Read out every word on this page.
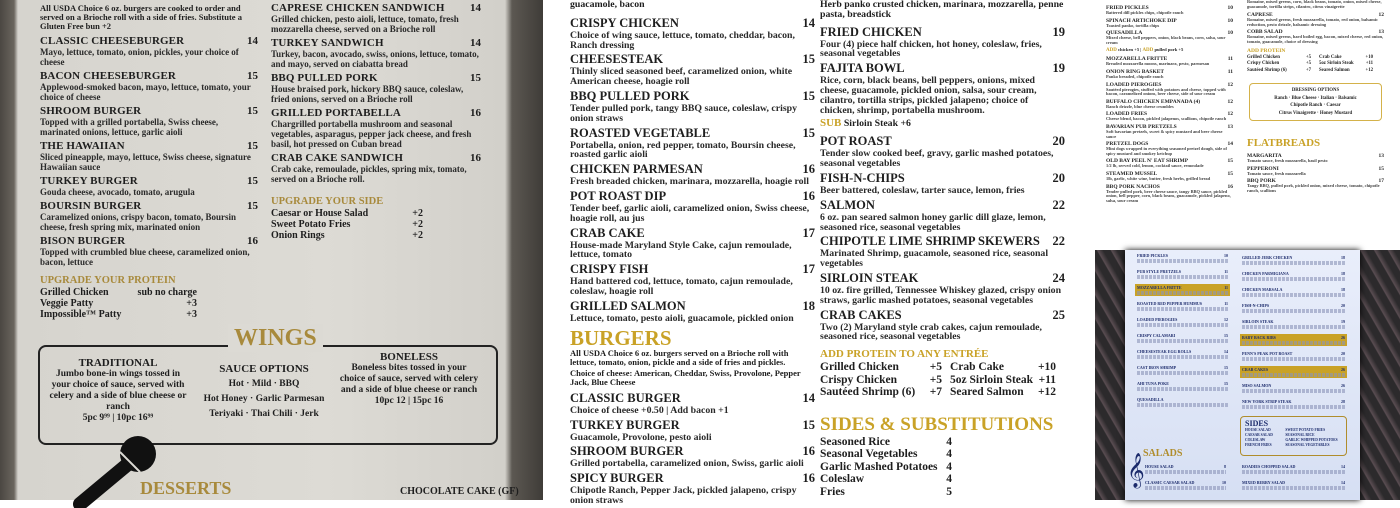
All USDA Choice 6 oz. burgers are cooked to order and served on a Brioche roll with a side of fries. Substitute a Gluten Free bun +2
CLASSIC CHEESEBURGER	14
Mayo, lettuce, tomato, onion, pickles, your choice of cheese
BACON CHEESEBURGER	15
Applewood-smoked bacon, mayo, lettuce, tomato, your choice of cheese
SHROOM BURGER	15
Topped with a grilled portabella, Swiss cheese, marinated onions, lettuce, garlic aioli
THE HAWAIIAN	15
Sliced pineapple, mayo, lettuce, Swiss cheese, signature Hawaiian sauce
TURKEY BURGER	15
Gouda cheese, avocado, tomato, arugula
BOURSIN BURGER	15
Caramelized onions, crispy bacon, tomato, Boursin cheese, fresh spring mix, marinated onion
BISON BURGER	16
Topped with crumbled blue cheese, caramelized onion, bacon, lettuce
UPGRADE YOUR PROTEIN
Grilled Chicken	sub no charge
Veggie Patty	+3
Impossible™ Patty	+3
CAPRESE CHICKEN SANDWICH 14
Grilled chicken, pesto aioli, lettuce, tomato, fresh mozzarella cheese, served on a Brioche roll
TURKEY SANDWICH	14
Turkey, bacon, avocado, swiss, onions, lettuce, tomato, and mayo, served on ciabatta bread
BBQ PULLED PORK	15
House braised pork, hickory BBQ sauce, coleslaw, fried onions, served on a Brioche roll
GRILLED PORTABELLA	16
Chargrilled portabella mushroom and seasonal vegetables, asparagus, pepper jack cheese, and fresh basil, hot pressed on Cuban bread
CRAB CAKE SANDWICH	16
Crab cake, remoulade, pickles, spring mix, tomato, served on a Brioche roll.
UPGRADE YOUR SIDE
Caesar or House Salad	+2
Sweet Potato Fries	+2
Onion Rings	+2
WINGS
TRADITIONAL
Jumbo bone-in wings tossed in your choice of sauce, served with celery and a side of blue cheese or ranch
5pc 9⁹⁹ | 10pc 16⁹⁹
SAUCE OPTIONS
Hot · Mild · BBQ
Hot Honey · Garlic Parmesan
Teriyaki · Thai Chili · Jerk
BONELESS
Boneless bites tossed in your choice of sauce, served with celery and a side of blue cheese or ranch
10pc 12 | 15pc 16
DESSERTS	CHOCOLATE CAKE (GF)
guacamole, bacon
CRISPY CHICKEN	14
Choice of wing sauce, lettuce, tomato, cheddar, bacon, Ranch dressing
CHEESESTEAK	15
Thinly sliced seasoned beef, caramelized onion, white American cheese, hoagie roll
BBQ PULLED PORK	15
Tender pulled pork, tangy BBQ sauce, coleslaw, crispy onion straws
ROASTED VEGETABLE	15
Portabella, onion, red pepper, tomato, Boursin cheese, roasted garlic aioli
CHICKEN PARMESAN	16
Fresh breaded chicken, marinara, mozzarella, hoagie roll
POT ROAST DIP	16
Tender beef, garlic aioli, caramelized onion, Swiss cheese, hoagie roll, au jus
CRAB CAKE	17
House-made Maryland Style Cake, cajun remoulade, lettuce, tomato
CRISPY FISH	17
Hand battered cod, lettuce, tomato, cajun remoulade, coleslaw, hoagie roll
GRILLED SALMON	18
Lettuce, tomato, pesto aioli, guacamole, pickled onion
BURGERS
All USDA Choice 6 oz. burgers served on a Brioche roll with lettuce, tomato, onion, pickle and a side of fries and pickles.
Choice of cheese: American, Cheddar, Swiss, Provolone, Pepper Jack, Blue Cheese
CLASSIC BURGER	14
Choice of cheese +0.50 | Add bacon +1
TURKEY BURGER	15
Guacamole, Provolone, pesto aioli
SHROOM BURGER	16
Grilled portabella, caramelized onion, Swiss, garlic aioli
SPICY BURGER	16
Chipotle Ranch, Pepper Jack, pickled jalapeno, crispy onion straws
Herb panko crusted chicken, marinara, mozzarella, penne pasta, breadstick
FRIED CHICKEN	19
Four (4) piece half chicken, hot honey, coleslaw, fries, seasonal vegetables
FAJITA BOWL	19
Rice, corn, black beans, bell peppers, onions, mixed cheese, guacamole, pickled onion, salsa, sour cream, cilantro, tortilla strips, pickled jalapeno; choice of chicken, shrimp, portabella mushroom.
SUB Sirloin Steak +6
POT ROAST	20
Tender slow cooked beef, gravy, garlic mashed potatoes, seasonal vegetables
FISH-N-CHIPS	20
Beer battered, coleslaw, tarter sauce, lemon, fries
SALMON	22
6 oz. pan seared salmon honey garlic dill glaze, lemon, seasoned rice, seasonal vegetables
CHIPOTLE LIME SHRIMP SKEWERS 22
Marinated Shrimp, guacamole, seasoned rice, seasonal vegetables
SIRLOIN STEAK	24
10 oz. fire grilled, Tennessee Whiskey glazed, crispy onion straws, garlic mashed potatoes, seasonal vegetables
CRAB CAKES	25
Two (2) Maryland style crab cakes, cajun remoulade, seasoned rice, seasonal vegetables
ADD PROTEIN TO ANY ENTRÉE
Grilled Chicken	+5 Crab Cake	+10
Crispy Chicken	+5 5oz Sirloin Steak +11
Sautéed Shrimp (6)	+7 Seared Salmon	+12
SIDES & SUBSTITUTIONS
Seasoned Rice	4
Seasonal Vegetables	4
Garlic Mashed Potatoes 4
Coleslaw	4
Fries	5
FRIED PICKLES	10
Battered dill pickles chips, chipotle ranch
SPINACH ARTICHOKE DIP	10
Toasted panko, tortilla chips
QUESADILLA	10
Mixed cheese, bell peppers, onion, black beans, corn, salsa, sour cream
ADD chicken +5 | ADD pulled pork +5
MOZZARELLA FRITTE	11
Breaded mozzarella moons, marinara, pesto, parmesan
ONION RING BASKET	11
Panko breaded, chipotle ranch
LOADED PIEROGIES	12
Sautéed pierogies, stuffed with potatoes and cheese, topped with bacon, caramelized onions, beer cheese, side of sour cream
BUFFALO CHICKEN EMPANADA (4)	12
Ranch drizzle, blue cheese crumbles
LOADED FRIES	12
Cheese blend, bacon, pickled jalapenos, scallions, chipotle ranch
BAVARIAN PUB PRETZELS	13
Soft bavarian pretzels, sweet & spicy mustard and beer cheese sauce
PRETZEL DOGS	14
Mini dogs wrapped in everything seasoned pretzel dough, side of spicy mustard and smokey ketchup
OLD BAY PEEL N' EAT SHRIMP	15
1/2 lb, served cold, lemon, cocktail sauce, remoulade
STEAMED MUSSEL	15
1lb, garlic, white wine, butter, fresh herbs, grilled bread
BBQ PORK NACHOS	16
Tender pulled pork, beer cheese sauce, tangy BBQ sauce, pickled onion, bell pepper, corn, black beans, guacamole, pickled jalapeno, salsa, sour cream
Romaine, mixed greens, corn, black beans, tomato, onion, mixed cheese, guacamole, tortilla strips, cilantro, citrus vinaigrette
CAPRESE	12
Romaine, mixed greens, fresh mozzarella, tomato, red onion, balsamic reduction, pesto drizzle, balsamic dressing
COBB SALAD	13
Romaine, mixed greens, hard boiled egg, bacon, mixed cheese, red onion, tomato, guacamole, choice of dressing
ADD PROTEIN
Grilled Chicken	+5 Crab Cake	+10
Crispy Chicken	+5 5oz Sirloin Steak	+11
Sautéed Shrimp (6)	+7 Seared Salmon	+12
DRESSING OPTIONS
Ranch · Blue Cheese · Italian · Balsamic
Chipotle Ranch · Caesar
Citrus Vinaigrette · Honey Mustard
FLATBREADS
MARGARITA	13
Tomato sauce, fresh mozzarella, basil pesto
PEPPERONI	15
Tomato sauce, fresh mozzarella
BBQ PORK	17
Tangy BBQ, pulled pork, pickled onion, mixed cheese, tomato, chipotle ranch, scallions
FRIED PICKLES	10
PUB STYLE PRETZELS	11
MOZZARELLA FRITTE	11
ROASTED RED PEPPER HUMMUS	11
LOADED PIEROGIES	12
CRISPY CALAMARI	15
CHEESESTEAK EGG ROLLS	14
CAST IRON SHRIMP	15
AHI TUNA POKE	15
QUESADILLA
GRILLED JERK CHICKEN	18
CHICKEN PARMIGIANA	18
CHICKEN MARSALA	18
FISH-N-CHIPS	20
SIRLOIN STEAK	19
BABY BACK RIBS	26
PENN'S PEAK POT ROAST	20
CRAB CAKES	26
MISO SALMON	26
NEW YORK STRIP STEAK	28
SIDES
HOUSE SALAD	SWEET POTATO FRIES
CAESAR SALAD	SEASONAL RICE
COLESLAW	GARLIC WHIPPED POTATOES
FRENCH FRIES	SEASONAL VEGETABLES
SALADS
HOUSE SALAD	8
CLASSIC CAESAR SALAD	10
ROADIES CHOPPED SALAD	14
MIXED BERRY SALAD	14
𝄞
